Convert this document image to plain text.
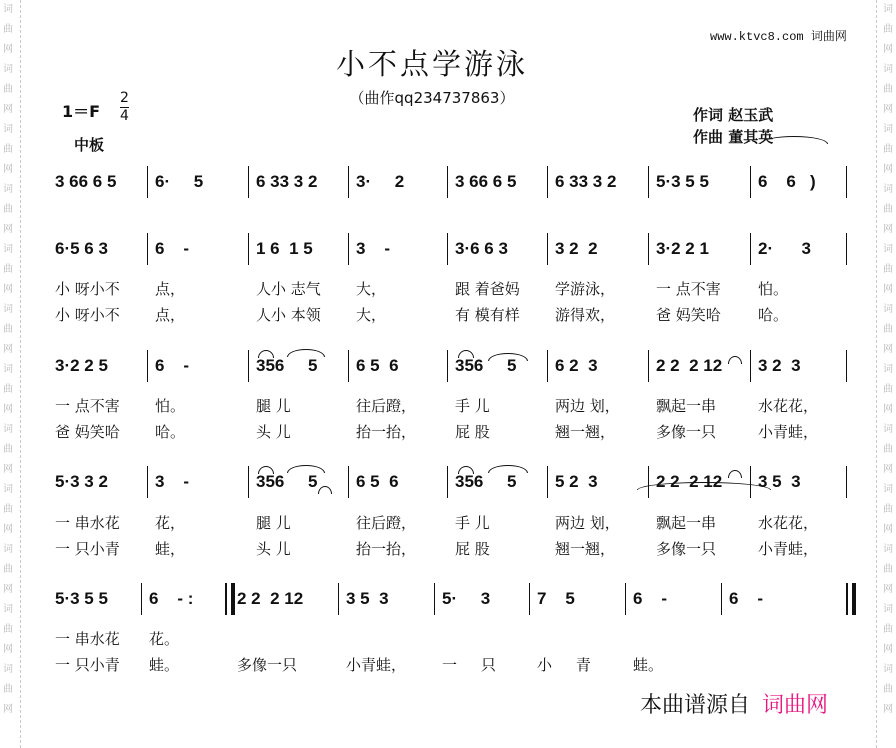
词
曲
网
词
曲
网
词
曲
网
词
曲
网
词
曲
网
词
曲
网
词
曲
网
词
曲
网
词
曲
网
词
曲
网
词
曲
网
词
曲
网
词
曲
网
词
曲
网
词
曲
网
词
曲
网
词
曲
网
词
曲
网
词
曲
网
词
曲
网
词
曲
网
词
曲
网
词
曲
网
词
曲
网
www.ktvc8.com 词曲网
小不点学游泳
（曲作qq234737863）
1＝F
2
4
中板
作词 赵玉武
作曲 董其英
3 66 6 5 6·     5	6 33 3 2 3·     2	3 66 6 5 6 33 3 2 5·3 5 5	6    6   )
6·5 6 3	6    -	1 6  1 5	3    -	3·6 6 3	3 2  2	3·2 2 1	2·      3
小 呀小不 点，	人小 志气 大，	跟 着爸妈 学游泳，	一 点不害 怕。
小 呀小不 点，	人小 本领 大，	有 模有样 游得欢，	爸 妈笑哈 哈。
3·2 2 5	6    -	356     5 6 5  6	356     5 6 2  3	2 2  2 12 3 2  3
一 点不害 怕。	腿 儿	往后蹬，	手 儿	两边 划， 飘起一串	水花花，
爸 妈笑哈 哈。	头 儿	抬一抬，	屁 股	翘一翘，	多像一只	小青蛙，
5·3 3 2	3    -	356     5 6 5  6	356     5 5 2  3	2 2  2 12 3 5  3
一 串水花 花，	腿 儿	往后蹬，	手 儿	两边 划， 飘起一串	水花花，
一 只小青 蛙，	头 儿	抬一抬，	屁 股	翘一翘，	多像一只	小青蛙，
5·3 5 5 6    - :	2 2  2 12	3 5  3	5·     3	7    5	6    -	6    -
一 串水花 花。
一 只小青 蛙。	多像一只	小青蛙， 一     只	小     青	蛙。
本曲谱源自 词曲网
